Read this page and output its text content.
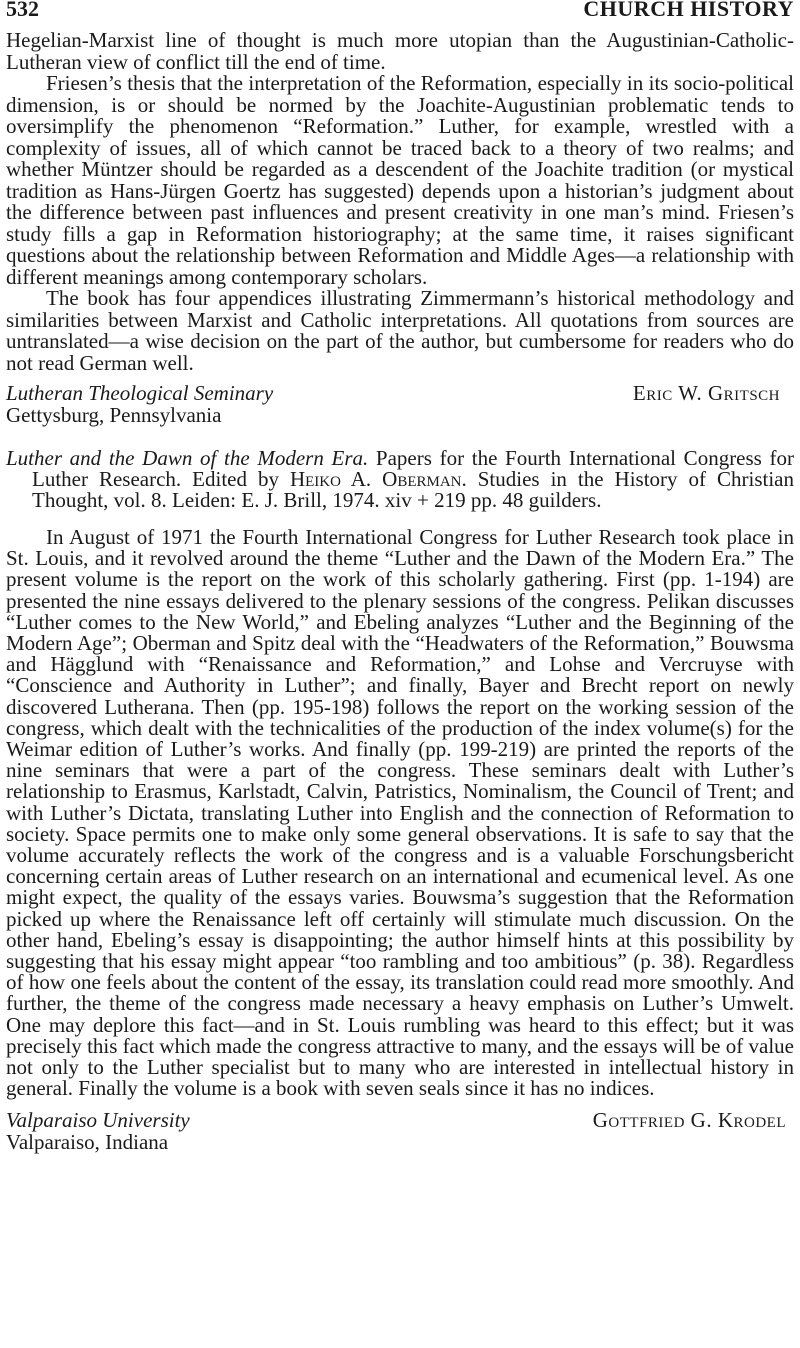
532	CHURCH HISTORY

Hegelian-Marxist line of thought is much more utopian than the Augustinian-Catholic-Lutheran view of conflict till the end of time.

Friesen’s thesis that the interpretation of the Reformation, especially in its socio-political dimension, is or should be normed by the Joachite-Augustinian problematic tends to oversimplify the phenomenon “Reformation.” Luther, for example, wrestled with a complexity of issues, all of which cannot be traced back to a theory of two realms; and whether Müntzer should be regarded as a descendent of the Joachite tradition (or mystical tradition as Hans-Jürgen Goertz has suggested) depends upon a historian’s judgment about the difference between past influences and present creativity in one man’s mind. Friesen’s study fills a gap in Reformation historiography; at the same time, it raises significant questions about the relationship between Reformation and Middle Ages—a relationship with different meanings among contemporary scholars.

The book has four appendices illustrating Zimmermann’s historical methodology and similarities between Marxist and Catholic interpretations. All quotations from sources are untranslated—a wise decision on the part of the author, but cumbersome for readers who do not read German well.

Lutheran Theological Seminary	Eric W. Gritsch

Gettysburg, Pennsylvania

Luther and the Dawn of the Modern Era. Papers for the Fourth International Congress for Luther Research. Edited by Heiko A. Oberman. Studies in the History of Christian Thought, vol. 8. Leiden: E. J. Brill, 1974. xiv + 219 pp. 48 guilders.

In August of 1971 the Fourth International Congress for Luther Research took place in St. Louis, and it revolved around the theme “Luther and the Dawn of the Modern Era.” The present volume is the report on the work of this scholarly gathering. First (pp. 1-194) are presented the nine essays delivered to the plenary sessions of the congress. Pelikan discusses “Luther comes to the New World,” and Ebeling analyzes “Luther and the Beginning of the Modern Age”; Oberman and Spitz deal with the “Headwaters of the Reformation,” Bouwsma and Hägglund with “Renaissance and Reformation,” and Lohse and Vercruyse with “Conscience and Authority in Luther”; and finally, Bayer and Brecht report on newly discovered Lutherana. Then (pp. 195-198) follows the report on the working session of the congress, which dealt with the technicalities of the production of the index volume(s) for the Weimar edition of Luther’s works. And finally (pp. 199-219) are printed the reports of the nine seminars that were a part of the congress. These seminars dealt with Luther’s relationship to Erasmus, Karlstadt, Calvin, Patristics, Nominalism, the Council of Trent; and with Luther’s Dictata, translating Luther into English and the connection of Reformation to society. Space permits one to make only some general observations. It is safe to say that the volume accurately reflects the work of the congress and is a valuable Forschungsbericht concerning certain areas of Luther research on an international and ecumenical level. As one might expect, the quality of the essays varies. Bouwsma’s suggestion that the Reformation picked up where the Renaissance left off certainly will stimulate much discussion. On the other hand, Ebeling’s essay is disappointing; the author himself hints at this possibility by suggesting that his essay might appear “too rambling and too ambitious” (p. 38). Regardless of how one feels about the content of the essay, its translation could read more smoothly. And further, the theme of the congress made necessary a heavy emphasis on Luther’s Umwelt. One may deplore this fact—and in St. Louis rumbling was heard to this effect; but it was precisely this fact which made the congress attractive to many, and the essays will be of value not only to the Luther specialist but to many who are interested in intellectual history in general. Finally the volume is a book with seven seals since it has no indices.

Valparaiso University	Gottfried G. Krodel

Valparaiso, Indiana
